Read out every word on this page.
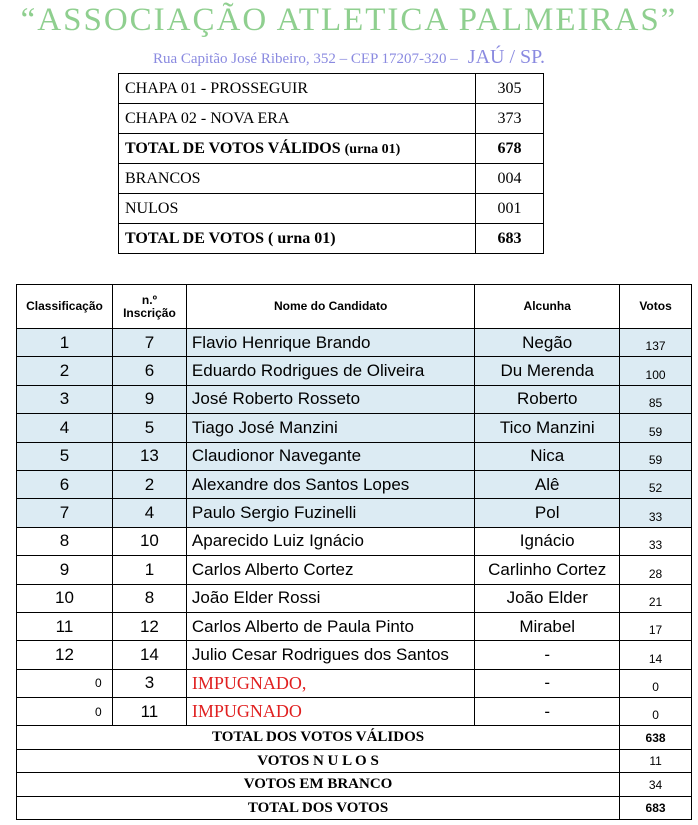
“ASSOCIAÇÃO ATLETICA PALMEIRAS”
Rua Capitão José Ribeiro, 352 – CEP 17207-320 – JAÚ / SP.
CHAPA 01 - PROSSEGUIR	305
CHAPA 02 - NOVA ERA	373
TOTAL DE VOTOS VÁLIDOS (urna 01)	678
BRANCOS	004
NULOS	001
TOTAL DE VOTOS ( urna 01)	683
Classificação	n.º Inscrição	Nome do Candidato	Alcunha	Votos
1	7	Flavio Henrique Brando	Negão	137
2	6	Eduardo Rodrigues de Oliveira	Du Merenda	100
3	9	José Roberto Rosseto	Roberto	85
4	5	Tiago José Manzini	Tico Manzini	59
5	13	Claudionor Navegante	Nica	59
6	2	Alexandre dos Santos Lopes	Alê	52
7	4	Paulo Sergio Fuzinelli	Pol	33
8	10	Aparecido Luiz Ignácio	Ignácio	33
9	1	Carlos Alberto Cortez	Carlinho Cortez	28
10	8	João Elder Rossi	João Elder	21
11	12	Carlos Alberto de Paula Pinto	Mirabel	17
12	14	Julio Cesar Rodrigues dos Santos	-	14
0	3	IMPUGNADO,	-	0
0	11	IMPUGNADO	-	0
TOTAL DOS VOTOS VÁLIDOS				638
VOTOS N U L O S				11
VOTOS EM BRANCO				34
TOTAL DOS VOTOS				683
